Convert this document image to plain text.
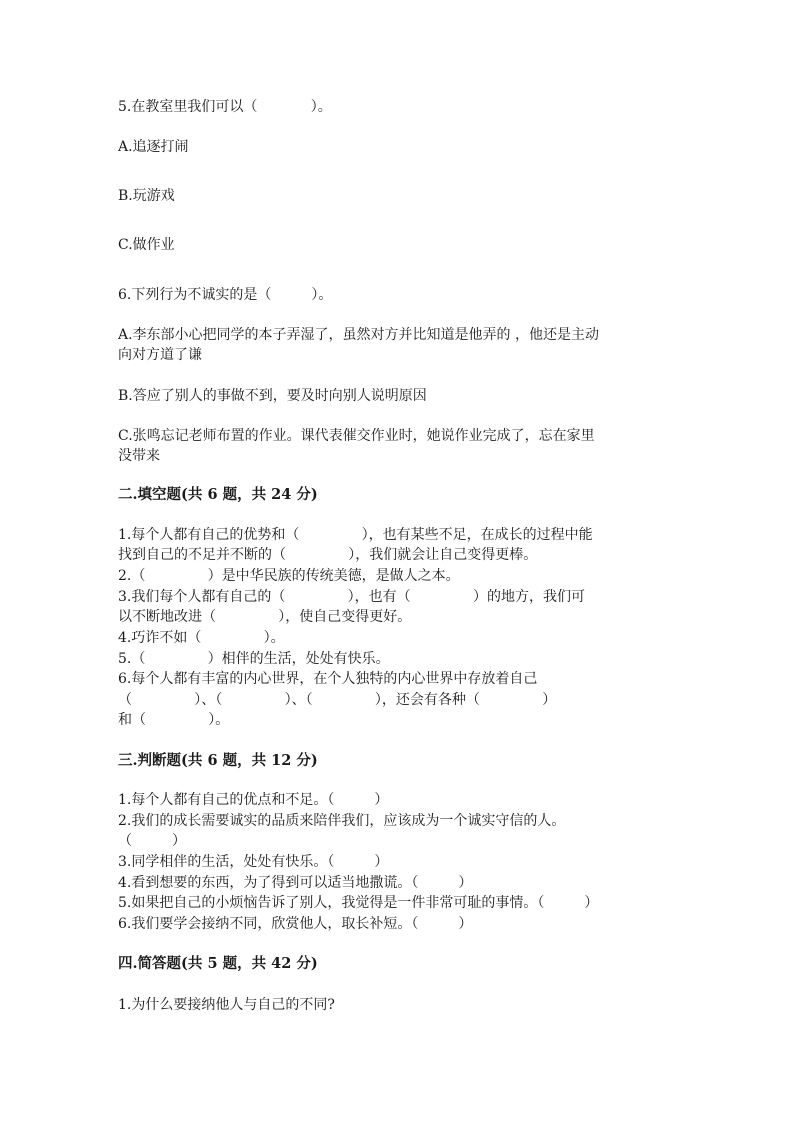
5.在教室里我们可以（            ）。
A.追逐打闹
B.玩游戏
C.做作业
6.下列行为不诚实的是（         ）。
A.李东部小心把同学的本子弄湿了，虽然对方并比知道是他弄的 ，他还是主动
向对方道了谦
B.答应了别人的事做不到，要及时向别人说明原因
C.张鸣忘记老师布置的作业。课代表催交作业时，她说作业完成了，忘在家里
没带来
二.填空题(共 6 题，共 24 分)
1.每个人都有自己的优势和（              ），也有某些不足，在成长的过程中能
找到自己的不足并不断的（              ），我们就会让自己变得更棒。
2.（              ）是中华民族的传统美德，是做人之本。
3.我们每个人都有自己的（              ），也有（              ）的地方，我们可
以不断地改进（              ），使自己变得更好。
4.巧诈不如（              ）。
5.（              ）相伴的生活，处处有快乐。
6.每个人都有丰富的内心世界，在个人独特的内心世界中存放着自己
（              ）、（              ）、（              ），还会有各种（              ）
和（              ）。
三.判断题(共 6 题，共 12 分)
1.每个人都有自己的优点和不足。（         ）
2.我们的成长需要诚实的品质来陪伴我们，应该成为一个诚实守信的人。
（         ）
3.同学相伴的生活，处处有快乐。（         ）
4.看到想要的东西，为了得到可以适当地撒谎。（         ）
5.如果把自己的小烦恼告诉了别人，我觉得是一件非常可耻的事情。（         ）
6.我们要学会接纳不同，欣赏他人，取长补短。（         ）
四.简答题(共 5 题，共 42 分)
1.为什么要接纳他人与自己的不同?
